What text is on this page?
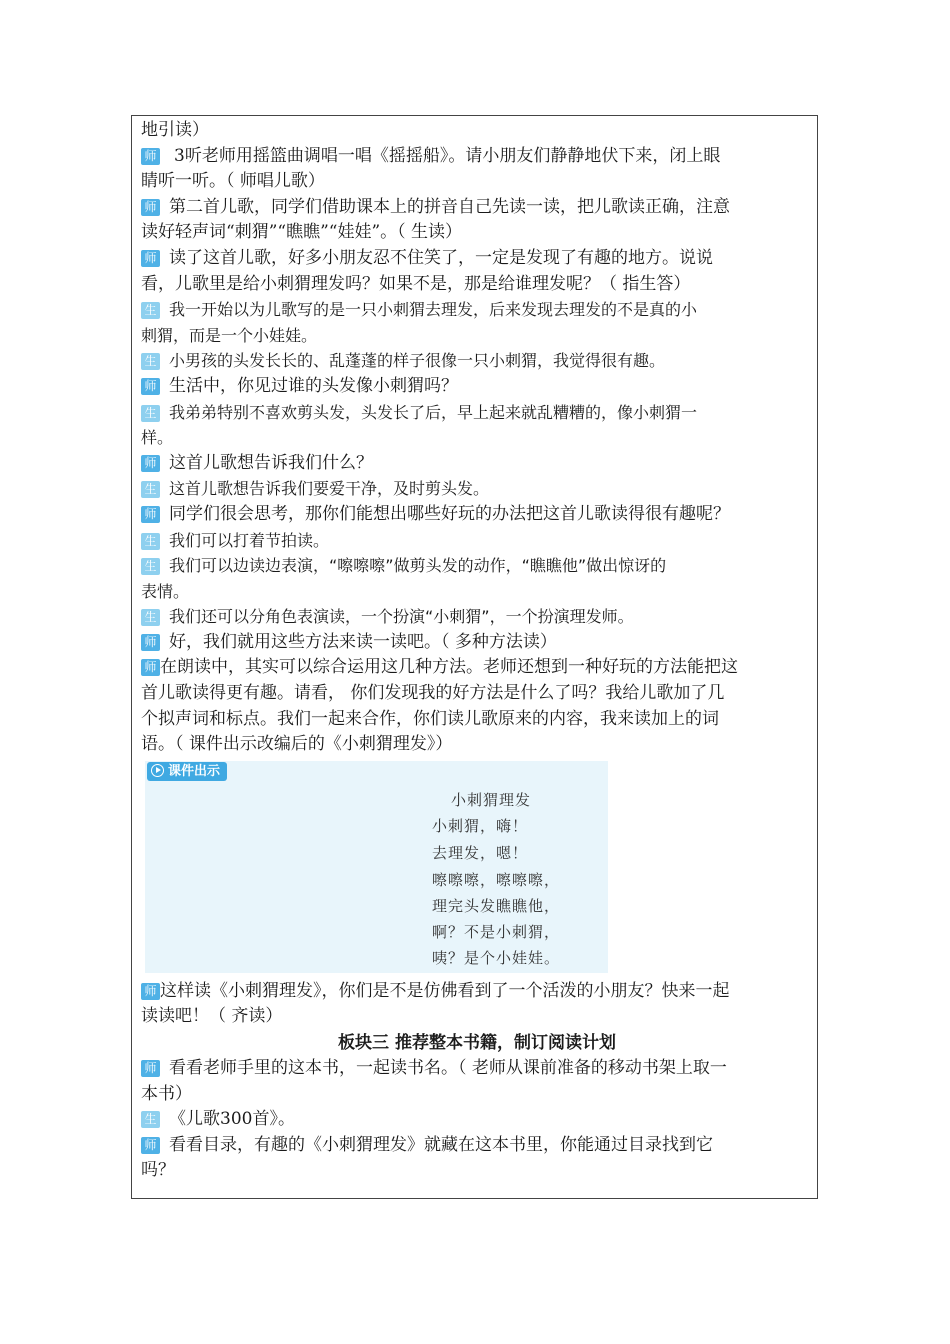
地引读）
师 3听老师用摇篮曲调唱一唱《摇摇船》。请小朋友们静静地伏下来，闭上眼
睛听一听。（ 师唱儿歌）
师 第二首儿歌，同学们借助课本上的拼音自己先读一读，把儿歌读正确，注意
读好轻声词“刺猬”“瞧瞧”“娃娃”。（ 生读）
师 读了这首儿歌，好多小朋友忍不住笑了，一定是发现了有趣的地方。说说
看，儿歌里是给小刺猬理发吗？如果不是，那是给谁理发呢？（ 指生答）
生 我一开始以为儿歌写的是一只小刺猬去理发，后来发现去理发的不是真的小
刺猬，而是一个小娃娃。
生 小男孩的头发长长的、乱蓬蓬的样子很像一只小刺猬，我觉得很有趣。
师 生活中，你见过谁的头发像小刺猬吗？
生 我弟弟特别不喜欢剪头发，头发长了后，早上起来就乱糟糟的，像小刺猬一
样。
师 这首儿歌想告诉我们什么？
生 这首儿歌想告诉我们要爱干净，及时剪头发。
师 同学们很会思考，那你们能想出哪些好玩的办法把这首儿歌读得很有趣呢？
生 我们可以打着节拍读。
生 我们可以边读边表演，“嚓嚓嚓”做剪头发的动作，“瞧瞧他”做出惊讶的
表情。
生 我们还可以分角色表演读，一个扮演“小刺猬”，一个扮演理发师。
师 好，我们就用这些方法来读一读吧。（ 多种方法读）
师 在朗读中，其实可以综合运用这几种方法。老师还想到一种好玩的方法能把这
首儿歌读得更有趣。请看， 你们发现我的好方法是什么了吗？我给儿歌加了几
个拟声词和标点。我们一起来合作，你们读儿歌原来的内容，我来读加上的词
语。（ 课件出示改编后的《小刺猬理发》）
课件出示
小刺猬理发
小刺猬，嗨！
去理发，嗯！
嚓嚓嚓，嚓嚓嚓，
理完头发瞧瞧他，
啊？不是小刺猬，
咦？是个小娃娃。
师 这样读《小刺猬理发》，你们是不是仿佛看到了一个活泼的小朋友？快来一起
读读吧！（ 齐读）
板块三 推荐整本书籍，制订阅读计划
师 看看老师手里的这本书，一起读书名。（ 老师从课前准备的移动书架上取一
本书）
生 《儿歌300首》。
师 看看目录，有趣的《小刺猬理发》就藏在这本书里，你能通过目录找到它
吗？
